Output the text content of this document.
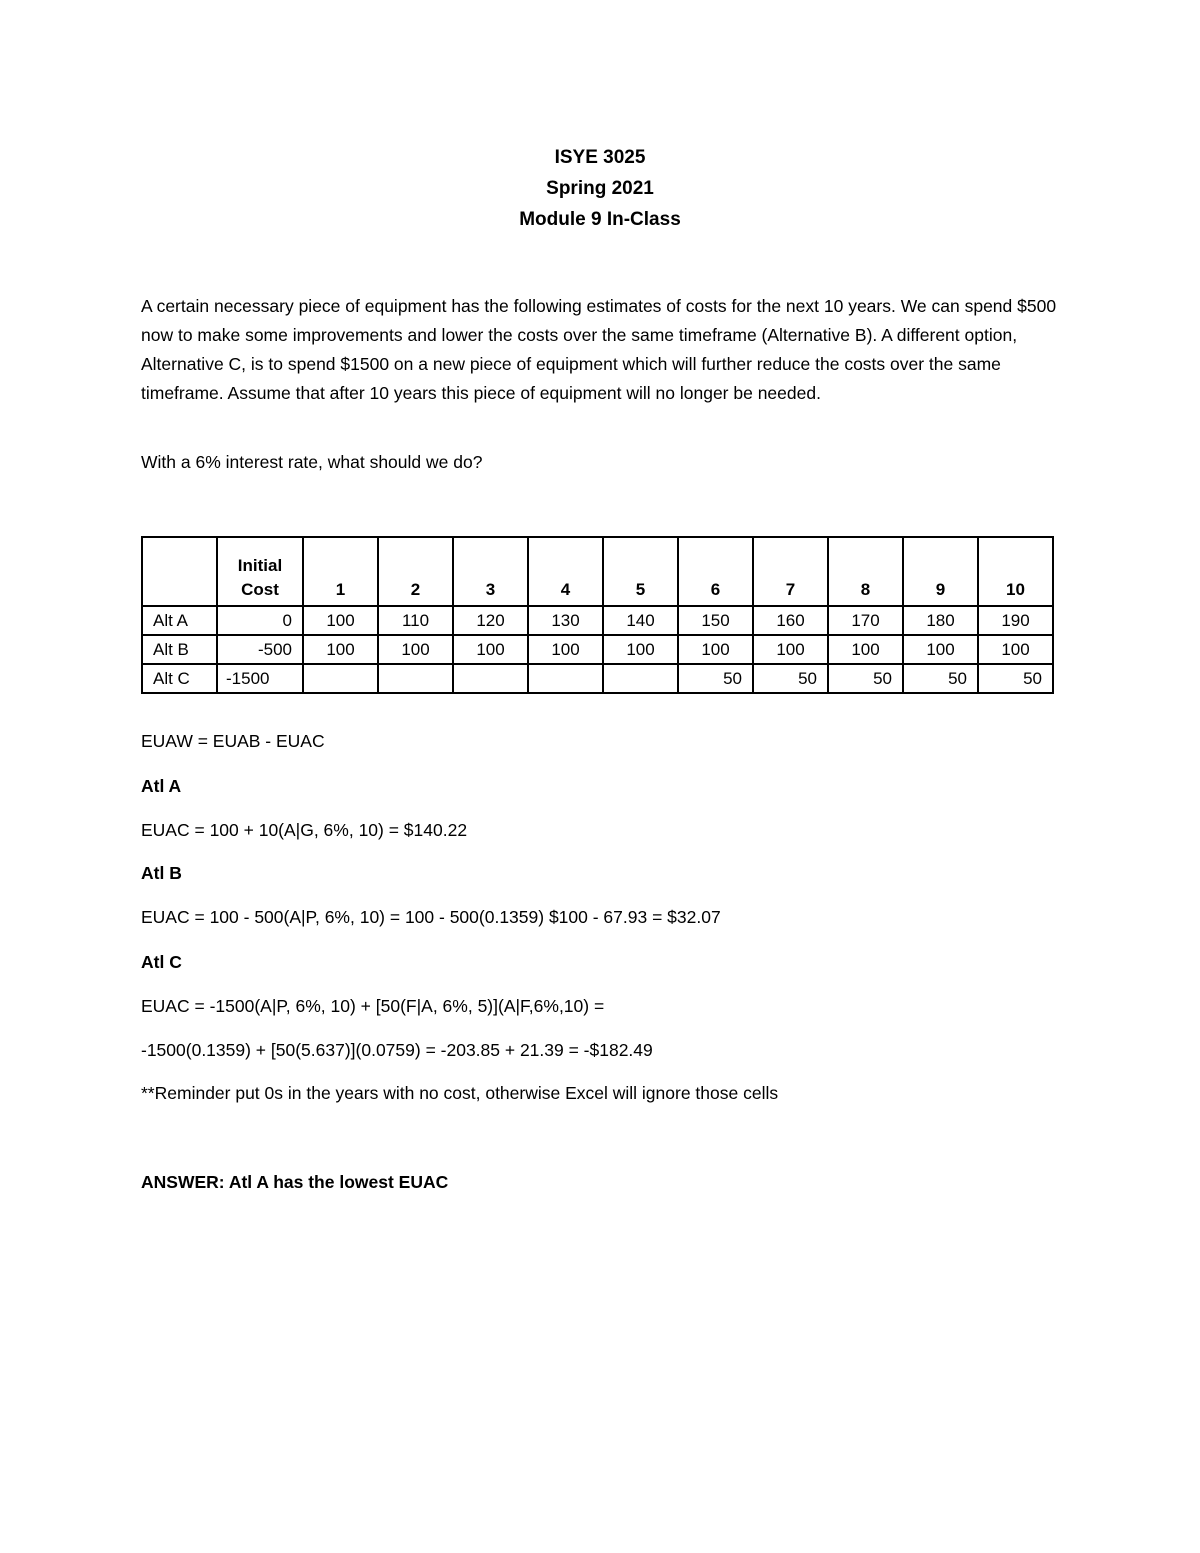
ISYE 3025
Spring 2021
Module 9 In-Class
A certain necessary piece of equipment has the following estimates of costs for the next 10 years. We can spend $500 now to make some improvements and lower the costs over the same timeframe (Alternative B). A different option, Alternative C, is to spend $1500 on a new piece of equipment which will further reduce the costs over the same timeframe. Assume that after 10 years this piece of equipment will no longer be needed.
With a 6% interest rate, what should we do?
	Initial Cost	1	2	3	4	5	6	7	8	9	10
Alt A	0	100	110	120	130	140	150	160	170	180	190
Alt B	-500	100	100	100	100	100	100	100	100	100	100
Alt C	-1500						50	50	50	50	50
EUAW = EUAB - EUAC
Atl A
EUAC = 100 + 10(A|G, 6%, 10) = $140.22
Atl B
EUAC = 100 - 500(A|P, 6%, 10) = 100 - 500(0.1359) $100 - 67.93 = $32.07
Atl C
EUAC = -1500(A|P, 6%, 10) + [50(F|A, 6%, 5)](A|F,6%,10) =
-1500(0.1359) + [50(5.637)](0.0759) = -203.85 + 21.39 = -$182.49
**Reminder put 0s in the years with no cost, otherwise Excel will ignore those cells
ANSWER: Atl A has the lowest EUAC
